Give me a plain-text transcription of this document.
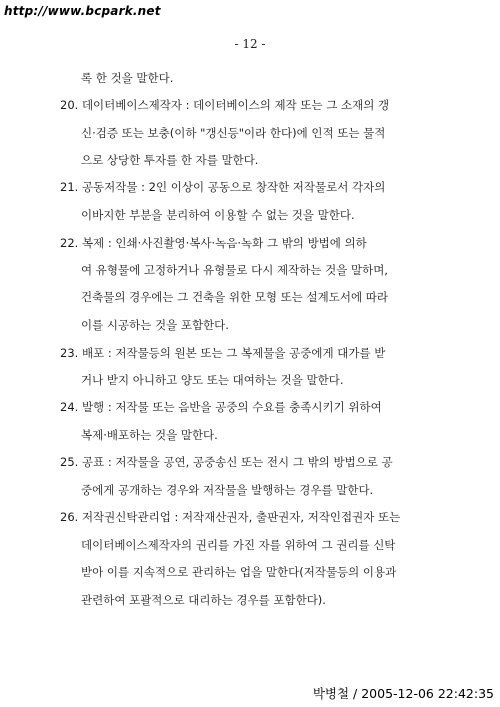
http://www.bcpark.net
- 12 -
록 한 것을 말한다.
20. 데이터베이스제작자 : 데이터베이스의 제작 또는 그 소재의 갱
신·검증 또는 보충(이하 "갱신등"이라 한다)에 인적 또는 물적
으로 상당한 투자를 한 자를 말한다.
21. 공동저작물 : 2인 이상이 공동으로 창작한 저작물로서 각자의
이바지한 부분을 분리하여 이용할 수 없는 것을 말한다.
22. 복제 : 인쇄·사진촬영·복사·녹음·녹화 그 밖의 방법에 의하
여 유형물에 고정하거나 유형물로 다시 제작하는 것을 말하며,
건축물의 경우에는 그 건축을 위한 모형 또는 설계도서에 따라
이를 시공하는 것을 포함한다.
23. 배포 : 저작물등의 원본 또는 그 복제물을 공중에게 대가를 받
거나 받지 아니하고 양도 또는 대여하는 것을 말한다.
24. 발행 : 저작물 또는 음반을 공중의 수요를 충족시키기 위하여
복제·배포하는 것을 말한다.
25. 공표 : 저작물을 공연, 공중송신 또는 전시 그 밖의 방법으로 공
중에게 공개하는 경우와 저작물을 발행하는 경우를 말한다.
26. 저작권신탁관리업 : 저작재산권자, 출판권자, 저작인접권자 또는
데이터베이스제작자의 권리를 가진 자를 위하여 그 권리를 신탁
받아 이를 지속적으로 관리하는 업을 말한다(저작물등의 이용과
관련하여 포괄적으로 대리하는 경우를 포함한다).
박병철 / 2005-12-06 22:42:35
